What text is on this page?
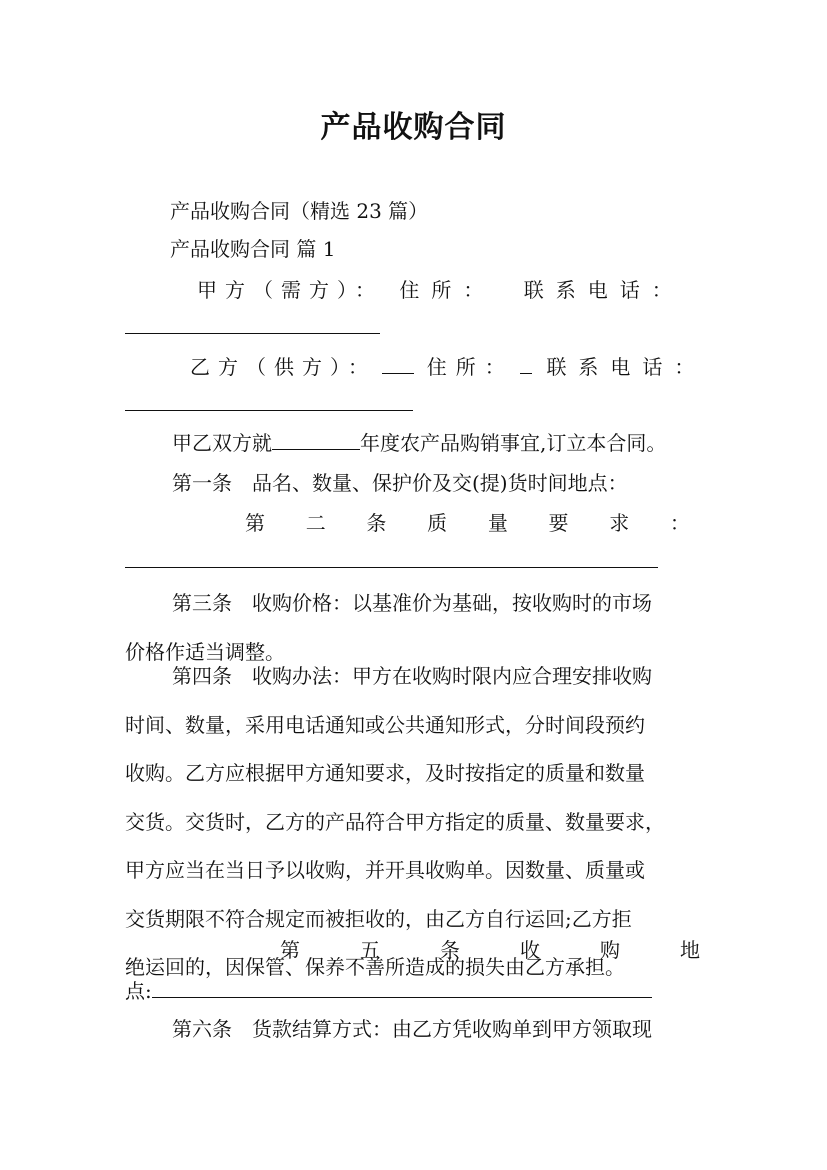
产品收购合同
产品收购合同（精选 23 篇）
产品收购合同 篇 1
甲方（需方）： 住所： 联系电话：
乙方（供方）：	住所： 联系电话：
甲乙双方就	年度农产品购销事宜,订立本合同。
第一条　品名、数量、保护价及交(提)货时间地点：
第 二 条 质 量 要 求 ：
第三条　收购价格：以基准价为基础，按收购时的市场
价格作适当调整。
第四条　收购办法：甲方在收购时限内应合理安排收购
时间、数量，采用电话通知或公共通知形式，分时间段预约
收购。乙方应根据甲方通知要求，及时按指定的质量和数量
交货。交货时，乙方的产品符合甲方指定的质量、数量要求，
甲方应当在当日予以收购，并开具收购单。因数量、质量或
交货期限不符合规定而被拒收的，由乙方自行运回;乙方拒
绝运回的，因保管、保养不善所造成的损失由乙方承担。
第	五	条	收	购	地
点:
第六条　货款结算方式：由乙方凭收购单到甲方领取现
